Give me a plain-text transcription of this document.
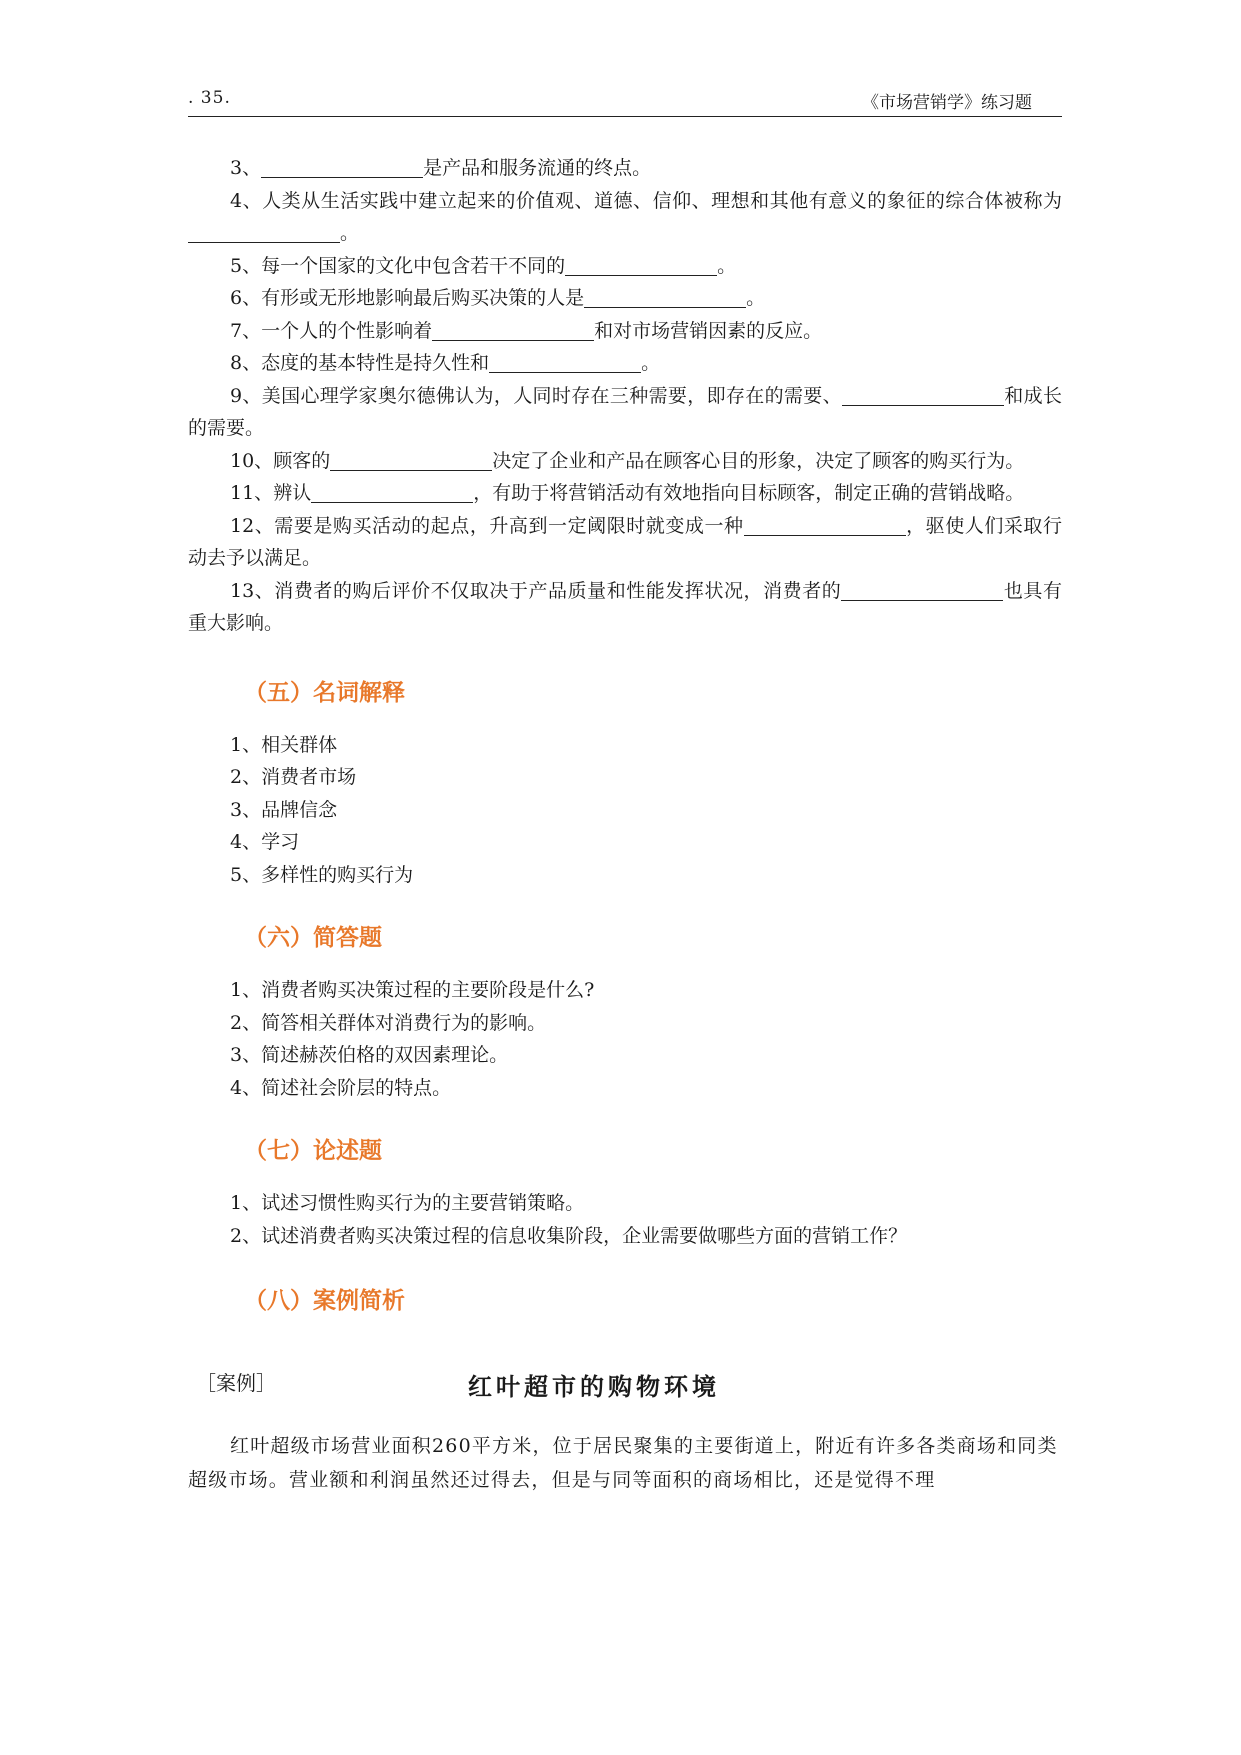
. 35.	《市场营销学》练习题

3、	是产品和服务流通的终点。

4、人类从生活实践中建立起来的价值观、道德、信仰、理想和其他有意义的象征的综合体被称为。

5、每一个国家的文化中包含若干不同的	。

6、有形或无形地影响最后购买决策的人是	。

7、一个人的个性影响着	和对市场营销因素的反应。

8、态度的基本特性是持久性和	。

9、美国心理学家奥尔德佛认为，人同时存在三种需要，即存在的需要、	和成长的需要。

10、顾客的	决定了企业和产品在顾客心目的形象，决定了顾客的购买行为。

11、辨认	，有助于将营销活动有效地指向目标顾客，制定正确的营销战略。

12、需要是购买活动的起点，升高到一定阈限时就变成一种	，驱使人们采取行动去予以满足。

13、消费者的购后评价不仅取决于产品质量和性能发挥状况，消费者的	也具有重大影响。

（五）名词解释

1、相关群体

2、消费者市场

3、品牌信念

4、学习

5、多样性的购买行为

（六）简答题

1、消费者购买决策过程的主要阶段是什么?

2、简答相关群体对消费行为的影响。

3、简述赫茨伯格的双因素理论。

4、简述社会阶层的特点。

（七）论述题

1、试述习惯性购买行为的主要营销策略。

2、试述消费者购买决策过程的信息收集阶段，企业需要做哪些方面的营销工作？

（八）案例简析
［案例］	红叶超市的购物环境

红叶超级市场营业面积260平方米，位于居民聚集的主要街道上，附近有许多各类商场和同类超级市场。营业额和利润虽然还过得去，但是与同等面积的商场相比，还是觉得不理
